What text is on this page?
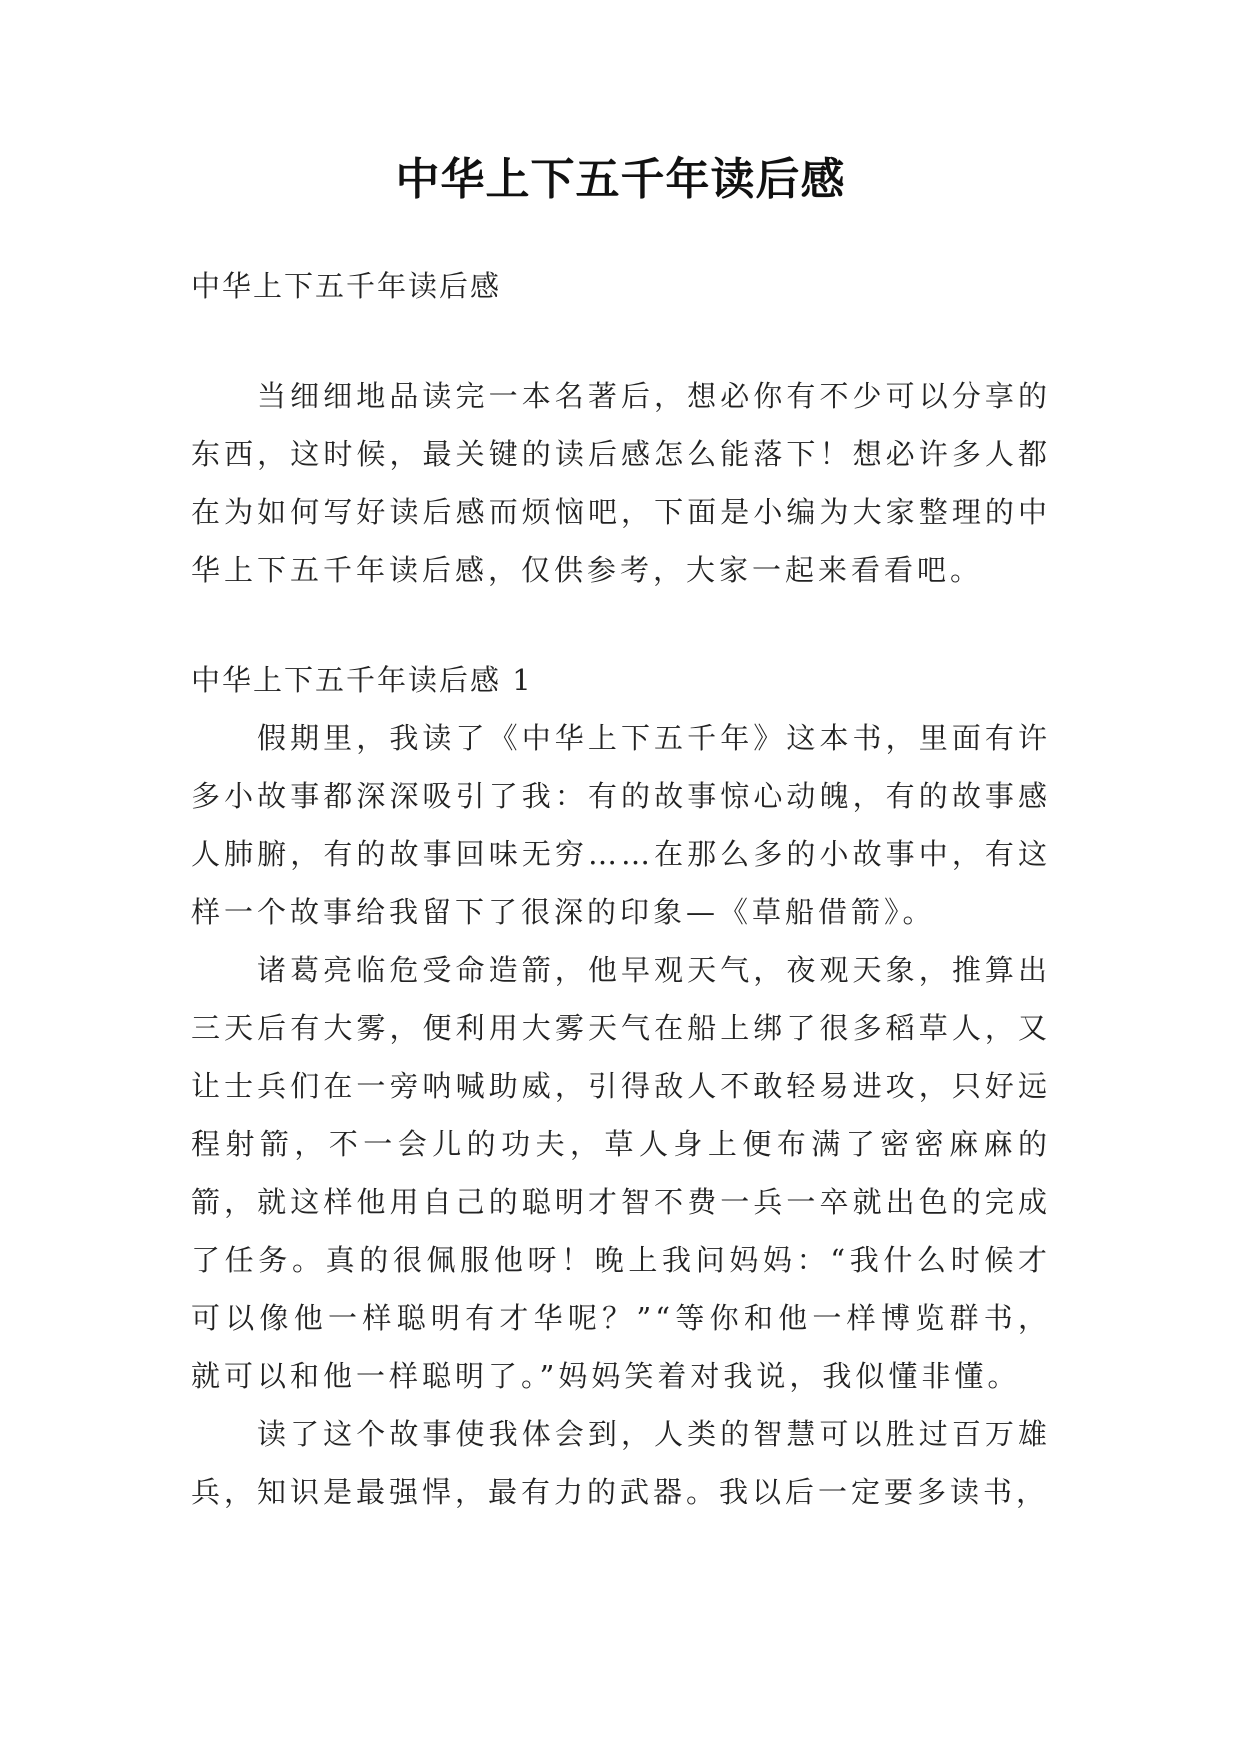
中华上下五千年读后感

中华上下五千年读后感

当细细地品读完一本名著后，想必你有不少可以分享的东西，这时候，最关键的读后感怎么能落下！想必许多人都在为如何写好读后感而烦恼吧，下面是小编为大家整理的中华上下五千年读后感，仅供参考，大家一起来看看吧。

中华上下五千年读后感 1

假期里，我读了《中华上下五千年》这本书，里面有许多小故事都深深吸引了我：有的故事惊心动魄，有的故事感人肺腑，有的故事回味无穷……在那么多的小故事中，有这样一个故事给我留下了很深的印象—《草船借箭》。

诸葛亮临危受命造箭，他早观天气，夜观天象，推算出三天后有大雾，便利用大雾天气在船上绑了很多稻草人，又让士兵们在一旁呐喊助威，引得敌人不敢轻易进攻，只好远程射箭，不一会儿的功夫，草人身上便布满了密密麻麻的箭，就这样他用自己的聪明才智不费一兵一卒就出色的完成了任务。真的很佩服他呀！晚上我问妈妈：“我什么时候才可以像他一样聪明有才华呢？”“等你和他一样博览群书，就可以和他一样聪明了。”妈妈笑着对我说，我似懂非懂。

读了这个故事使我体会到，人类的智慧可以胜过百万雄兵，知识是最强悍，最有力的武器。我以后一定要多读书，
